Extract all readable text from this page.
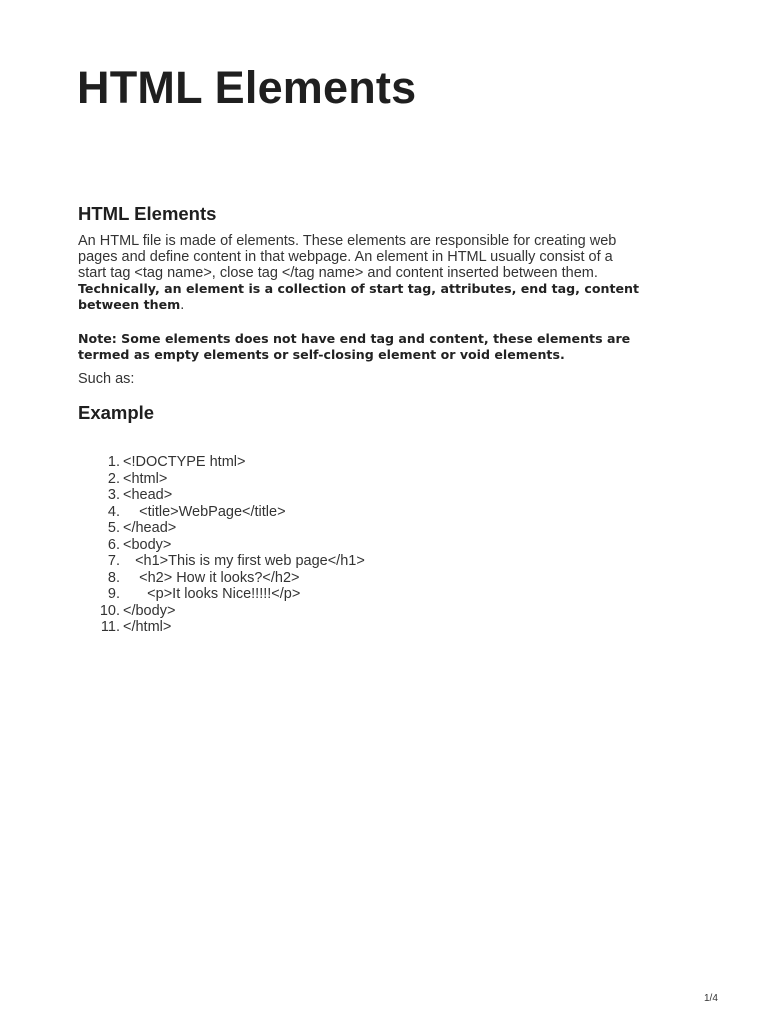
HTML Elements
HTML Elements

An HTML file is made of elements. These elements are responsible for creating web
pages and define content in that webpage. An element in HTML usually consist of a
start tag <tag name>, close tag </tag name> and content inserted between them.
Technically, an element is a collection of start tag, attributes, end tag, content
between them.

Note: Some elements does not have end tag and content, these elements are
termed as empty elements or self-closing element or void elements.

Such as:

Example
1. <!DOCTYPE html>
2. <html>
3. <head>
4. <title>WebPage</title>
5. </head>
6. <body>
7. <h1>This is my first web page</h1>
8. <h2> How it looks?</h2>
9. <p>It looks Nice!!!!!</p>
10. </body>
11. </html>
1/4
